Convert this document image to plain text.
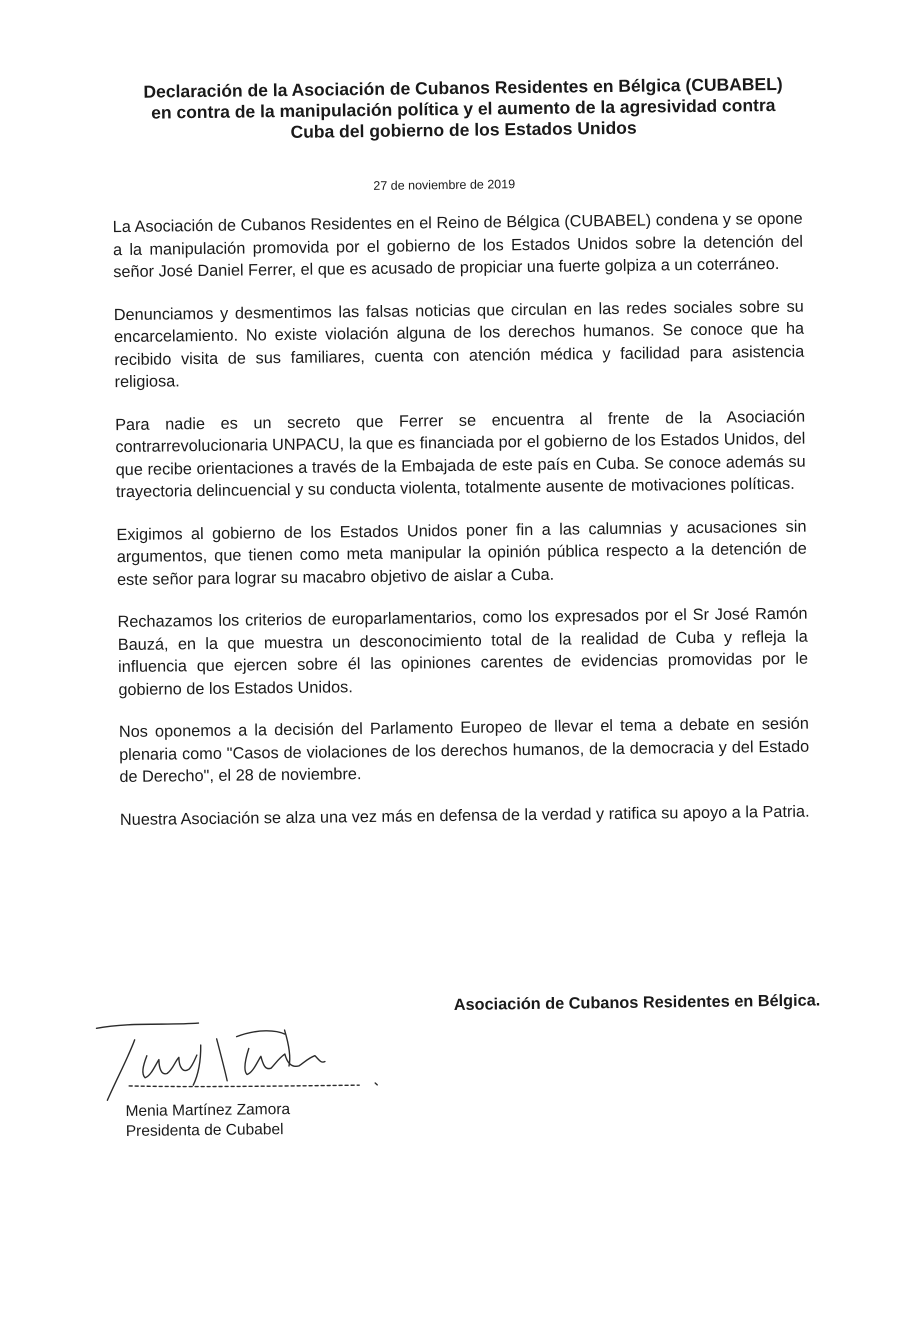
Declaración de la Asociación de Cubanos Residentes en Bélgica (CUBABEL) en contra de la manipulación política y el aumento de la agresividad contra Cuba del gobierno de los Estados Unidos

27 de noviembre de 2019

La Asociación de Cubanos Residentes en el Reino de Bélgica (CUBABEL) condena y se opone a la manipulación promovida por el gobierno de los Estados Unidos sobre la detención del señor José Daniel Ferrer, el que es acusado de propiciar una fuerte golpiza a un coterráneo.

Denunciamos y desmentimos las falsas noticias que circulan en las redes sociales sobre su encarcelamiento. No existe violación alguna de los derechos humanos. Se conoce que ha recibido visita de sus familiares, cuenta con atención médica y facilidad para asistencia religiosa.

Para nadie es un secreto que Ferrer se encuentra al frente de la Asociación contrarrevolucionaria UNPACU, la que es financiada por el gobierno de los Estados Unidos, del que recibe orientaciones a través de la Embajada de este país en Cuba. Se conoce además su trayectoria delincuencial y su conducta violenta, totalmente ausente de motivaciones políticas.

Exigimos al gobierno de los Estados Unidos poner fin a las calumnias y acusaciones sin argumentos, que tienen como meta manipular la opinión pública respecto a la detención de este señor para lograr su macabro objetivo de aislar a Cuba.

Rechazamos los criterios de europarlamentarios, como los expresados por el Sr José Ramón Bauzá, en la que muestra un desconocimiento total de la realidad de Cuba y refleja la influencia que ejercen sobre él las opiniones carentes de evidencias promovidas por le gobierno de los Estados Unidos.

Nos oponemos a la decisión del Parlamento Europeo de llevar el tema a debate en sesión plenaria como "Casos de violaciones de los derechos humanos, de la democracia y del Estado de Derecho", el 28 de noviembre.

Nuestra Asociación se alza una vez más en defensa de la verdad y ratifica su apoyo a la Patria.

Asociación de Cubanos Residentes en Bélgica.

Menia Martínez Zamora
Presidenta de Cubabel
